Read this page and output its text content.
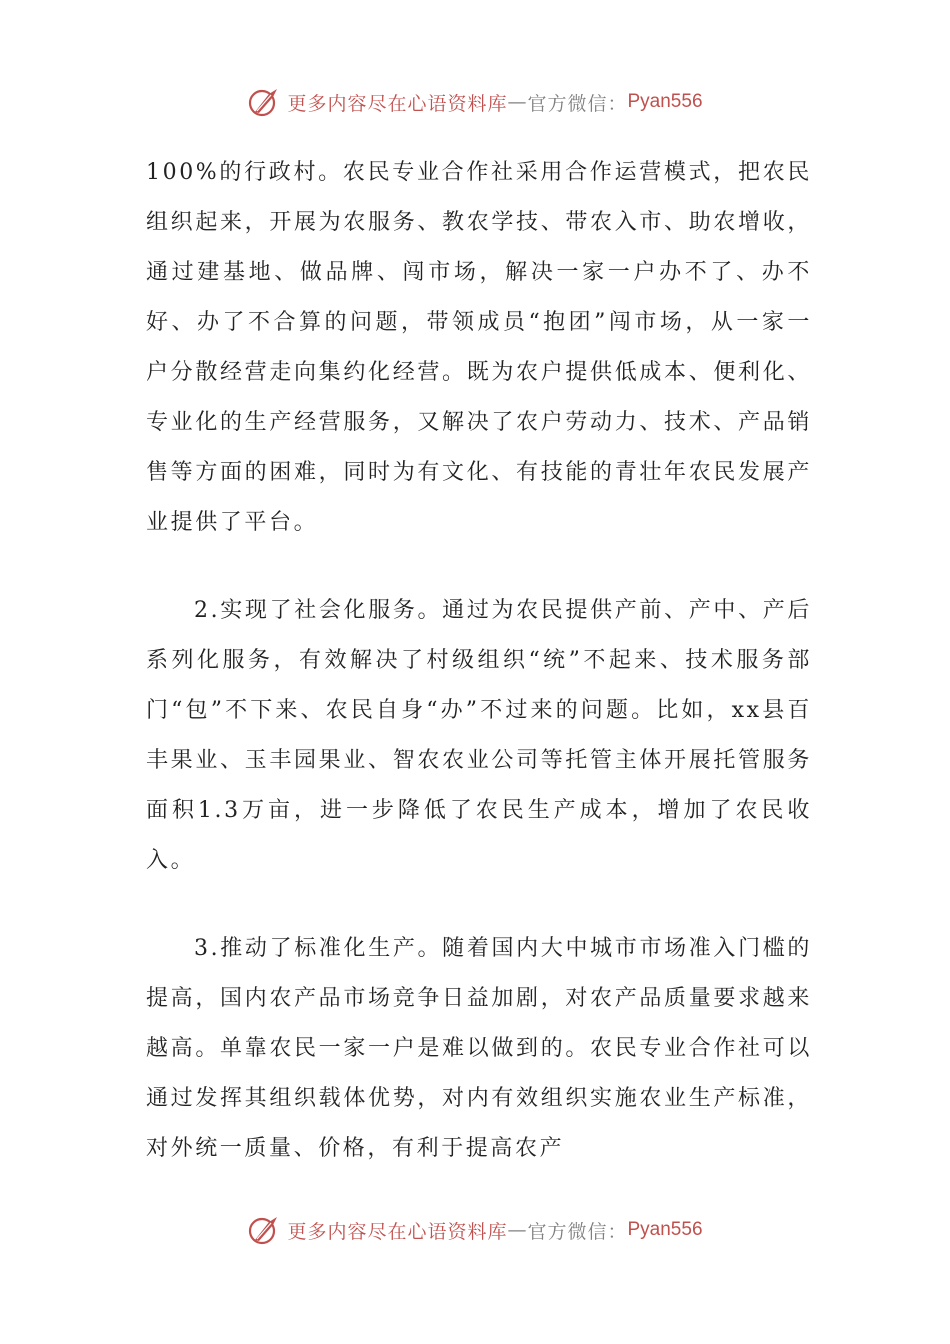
更多内容尽在心语资料库 — 官方微信： Pyan556

100%的行政村。农民专业合作社采用合作运营模式，把农民组织起来，开展为农服务、教农学技、带农入市、助农增收，通过建基地、做品牌、闯市场，解决一家一户办不了、办不好、办了不合算的问题，带领成员“抱团”闯市场，从一家一户分散经营走向集约化经营。既为农户提供低成本、便利化、专业化的生产经营服务，又解决了农户劳动力、技术、产品销售等方面的困难，同时为有文化、有技能的青壮年农民发展产业提供了平台。

2.实现了社会化服务。通过为农民提供产前、产中、产后系列化服务，有效解决了村级组织“统”不起来、技术服务部门“包”不下来、农民自身“办”不过来的问题。比如，xx县百丰果业、玉丰园果业、智农农业公司等托管主体开展托管服务面积1.3万亩，进一步降低了农民生产成本，增加了农民收入。

3.推动了标准化生产。随着国内大中城市市场准入门槛的提高，国内农产品市场竞争日益加剧，对农产品质量要求越来越高。单靠农民一家一户是难以做到的。农民专业合作社可以通过发挥其组织载体优势，对内有效组织实施农业生产标准，对外统一质量、价格，有利于提高农产

更多内容尽在心语资料库 — 官方微信： Pyan556
